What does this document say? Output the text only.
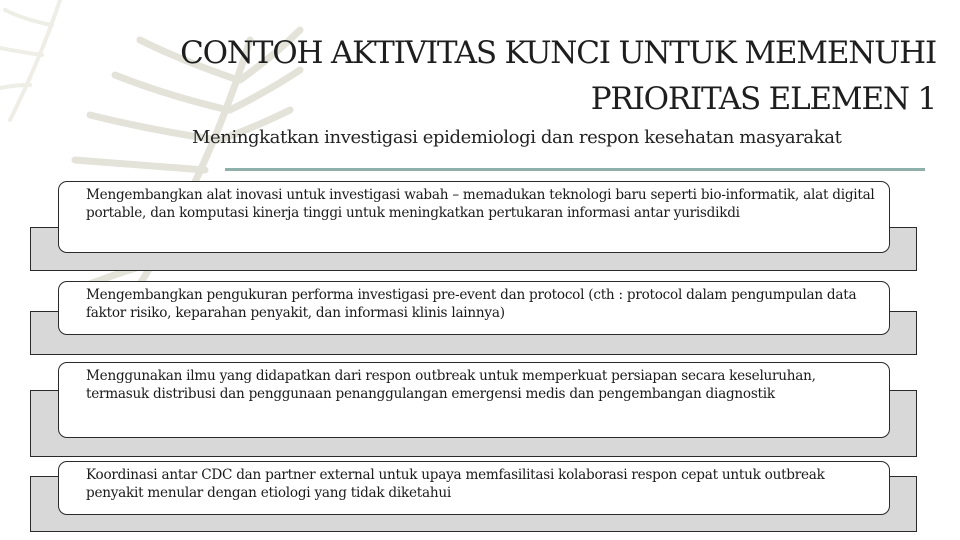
CONTOH AKTIVITAS KUNCI UNTUK MEMENUHI PRIORITAS ELEMEN 1
Meningkatkan investigasi epidemiologi dan respon kesehatan masyarakat
Mengembangkan alat inovasi untuk investigasi wabah – memadukan teknologi baru seperti bio-informatik, alat digital portable, dan komputasi kinerja tinggi untuk meningkatkan pertukaran informasi antar yurisdikdi
Mengembangkan pengukuran performa investigasi pre-event dan protocol (cth : protocol dalam pengumpulan data faktor risiko, keparahan penyakit, dan informasi klinis lainnya)
Menggunakan ilmu yang didapatkan dari respon outbreak untuk memperkuat persiapan secara keseluruhan, termasuk distribusi dan penggunaan penanggulangan emergensi medis dan pengembangan diagnostik
Koordinasi antar CDC dan partner external untuk upaya memfasilitasi kolaborasi respon cepat untuk outbreak penyakit menular dengan etiologi yang tidak diketahui
